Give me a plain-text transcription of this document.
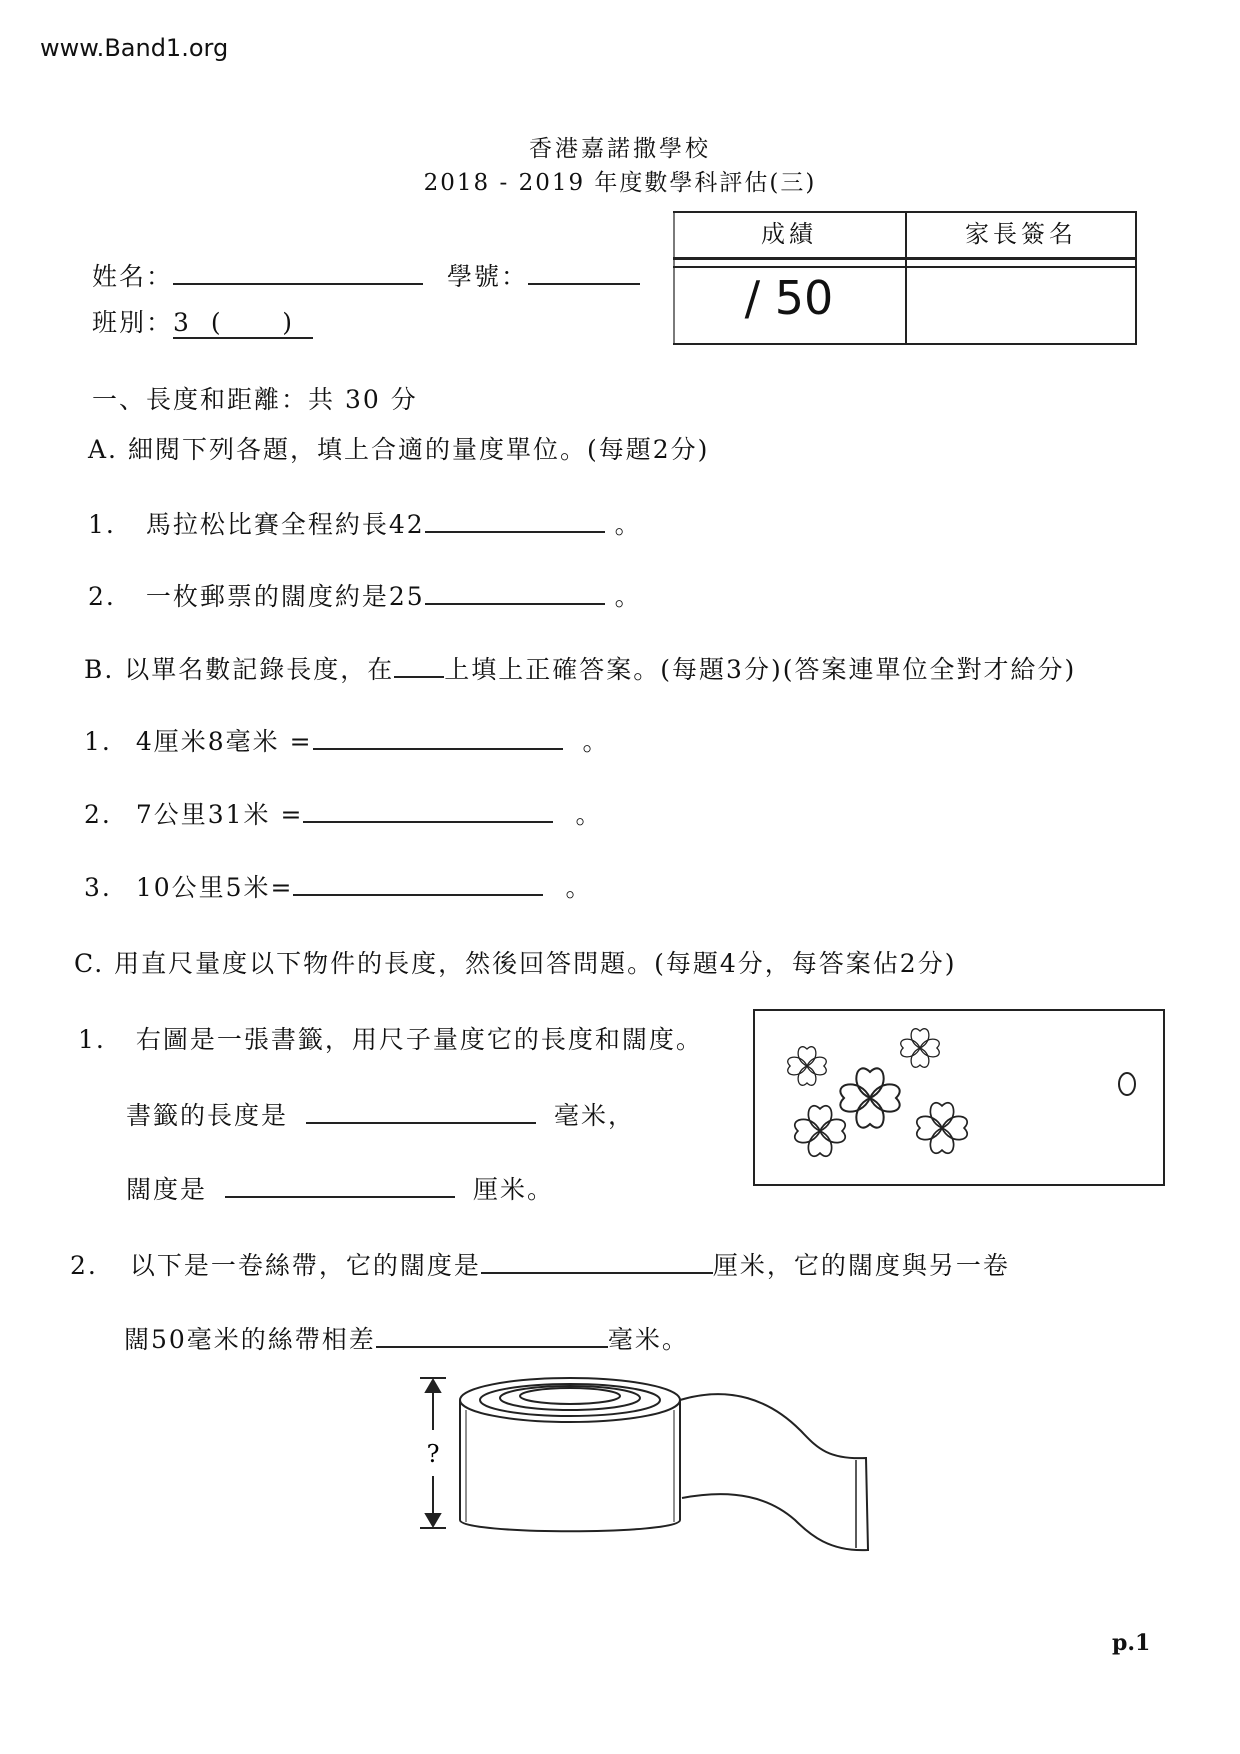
www.Band1.org
香港嘉諾撒學校
2018 - 2019 年度數學科評估(三)
姓名：	學號：
班別：3  (      )
成績	家長簽名
/ 50
一、長度和距離：共 30 分
A. 細閱下列各題，填上合適的量度單位。(每題2分)
1. 馬拉松比賽全程約長42	。
2. 一枚郵票的闊度約是25	。
B. 以單名數記錄長度，在 上填上正確答案。(每題3分)(答案連單位全對才給分)
1. 4厘米8毫米 =	。
2. 7公里31米 =	。
3. 10公里5米=	。
C. 用直尺量度以下物件的長度，然後回答問題。(每題4分，每答案佔2分)
1. 右圖是一張書籤，用尺子量度它的長度和闊度。
書籤的長度是	毫米，
闊度是	厘米。
2. 以下是一卷絲帶，它的闊度是	厘米，它的闊度與另一卷
闊50毫米的絲帶相差	毫米。
?
p.1
